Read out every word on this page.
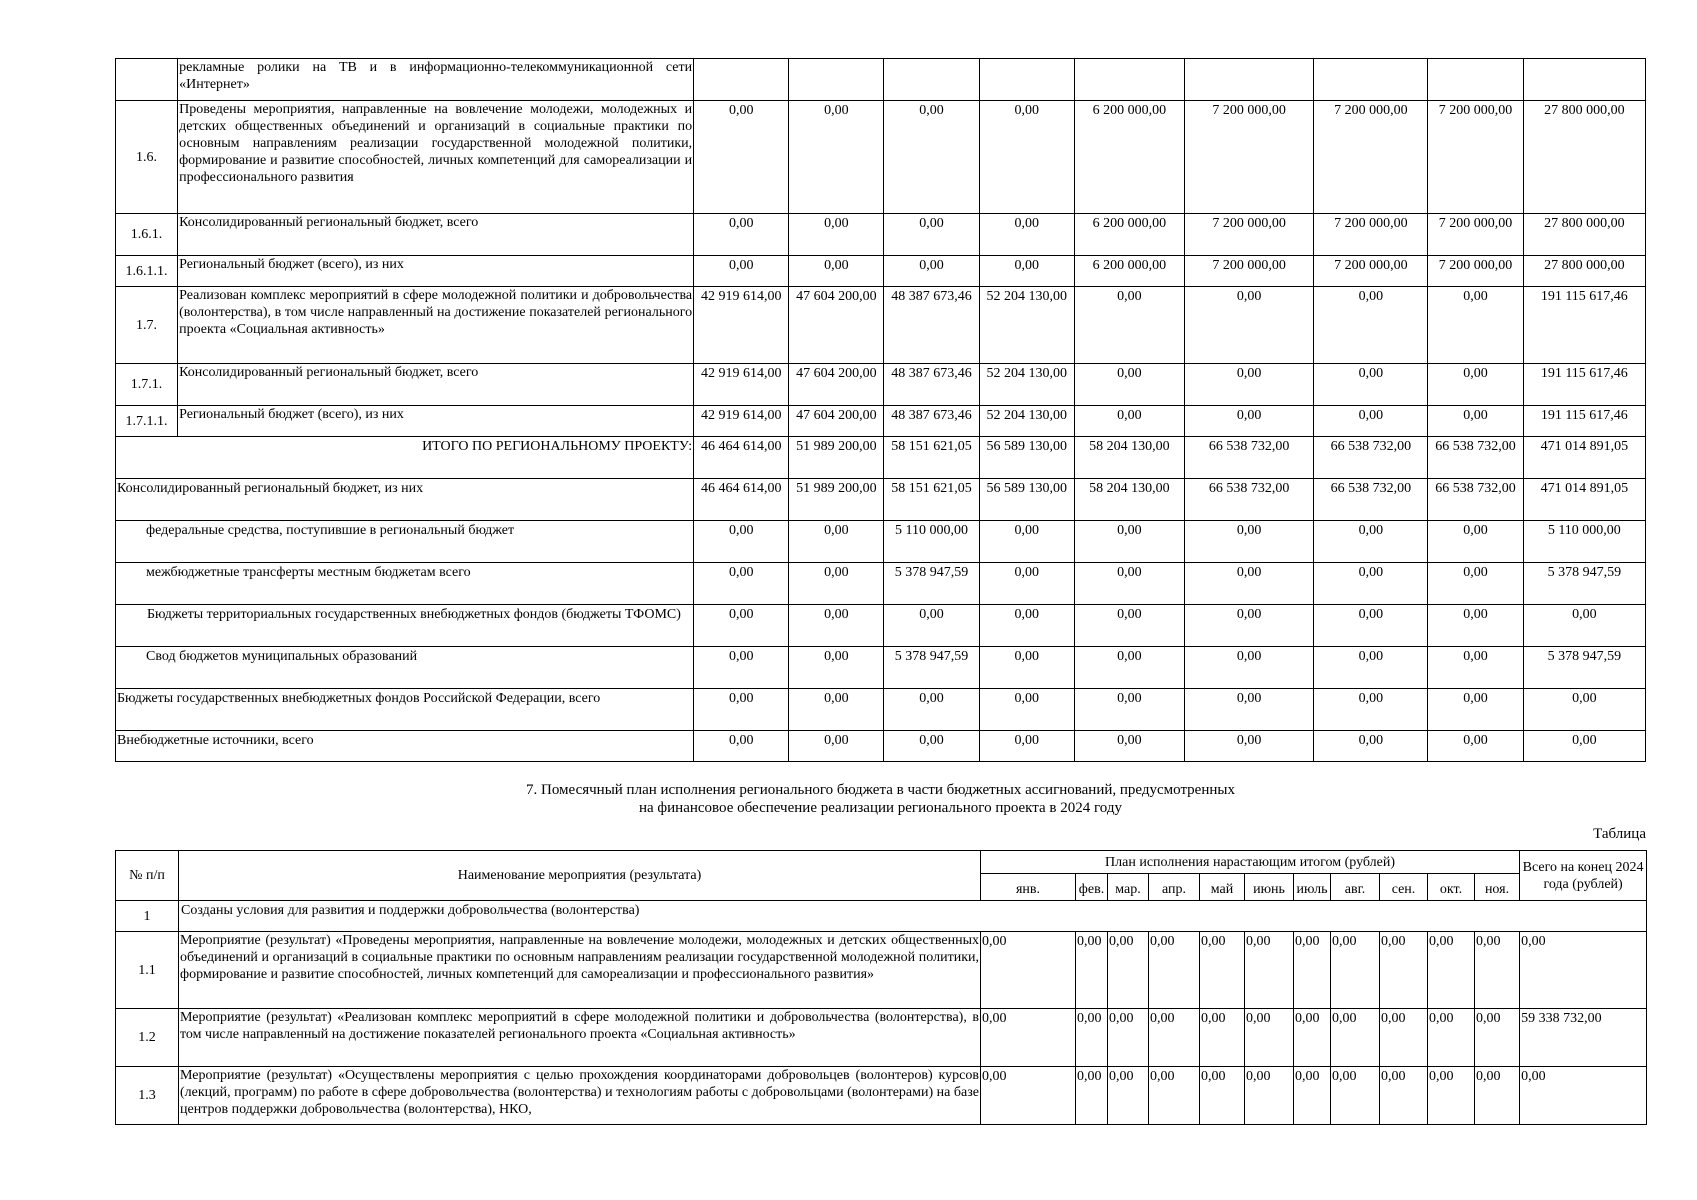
	рекламные ролики на ТВ и в информационно-телекоммуникационной сети «Интернет»									
1.6.	Проведены мероприятия, направленные на вовлечение молодежи, молодежных и детских общественных объединений и организаций в социальные практики по основным направлениям реализации государственной молодежной политики, формирование и развитие способностей, личных компетенций для самореализации и профессионального развития	0,00	0,00	0,00	0,00	6 200 000,00	7 200 000,00	7 200 000,00	7 200 000,00	27 800 000,00
1.6.1.	Консолидированный региональный бюджет, всего	0,00	0,00	0,00	0,00	6 200 000,00	7 200 000,00	7 200 000,00	7 200 000,00	27 800 000,00
1.6.1.1.	Региональный бюджет (всего), из них	0,00	0,00	0,00	0,00	6 200 000,00	7 200 000,00	7 200 000,00	7 200 000,00	27 800 000,00
1.7.	Реализован комплекс мероприятий в сфере молодежной политики и добровольчества (волонтерства), в том числе направленный на достижение показателей регионального проекта «Социальная активность»	42 919 614,00	47 604 200,00	48 387 673,46	52 204 130,00	0,00	0,00	0,00	0,00	191 115 617,46
1.7.1.	Консолидированный региональный бюджет, всего	42 919 614,00	47 604 200,00	48 387 673,46	52 204 130,00	0,00	0,00	0,00	0,00	191 115 617,46
1.7.1.1.	Региональный бюджет (всего), из них	42 919 614,00	47 604 200,00	48 387 673,46	52 204 130,00	0,00	0,00	0,00	0,00	191 115 617,46
ИТОГО ПО РЕГИОНАЛЬНОМУ ПРОЕКТУ:		46 464 614,00	51 989 200,00	58 151 621,05	56 589 130,00	58 204 130,00	66 538 732,00	66 538 732,00	66 538 732,00	471 014 891,05
Консолидированный региональный бюджет, из них		46 464 614,00	51 989 200,00	58 151 621,05	56 589 130,00	58 204 130,00	66 538 732,00	66 538 732,00	66 538 732,00	471 014 891,05
федеральные средства, поступившие в региональный бюджет		0,00	0,00	5 110 000,00	0,00	0,00	0,00	0,00	0,00	5 110 000,00
межбюджетные трансферты местным бюджетам всего		0,00	0,00	5 378 947,59	0,00	0,00	0,00	0,00	0,00	5 378 947,59
Бюджеты территориальных государственных внебюджетных фондов (бюджеты ТФОМС)		0,00	0,00	0,00	0,00	0,00	0,00	0,00	0,00	0,00
Свод бюджетов муниципальных образований		0,00	0,00	5 378 947,59	0,00	0,00	0,00	0,00	0,00	5 378 947,59
Бюджеты государственных внебюджетных фондов Российской Федерации, всего		0,00	0,00	0,00	0,00	0,00	0,00	0,00	0,00	0,00
Внебюджетные источники, всего		0,00	0,00	0,00	0,00	0,00	0,00	0,00	0,00	0,00
7. Помесячный план исполнения регионального бюджета в части бюджетных ассигнований, предусмотренных
на финансовое обеспечение реализации регионального проекта в 2024 году
Таблица
№ п/п	Наименование мероприятия (результата)	План исполнения нарастающим итогом (рублей)											Всего на конец 2024 года (рублей)
		янв.	фев.	мар.	апр.	май	июнь	июль	авг.	сен.	окт.	ноя.	
1	Созданы условия для развития и поддержки добровольчества (волонтерства)												
1.1	Мероприятие (результат) «Проведены мероприятия, направленные на вовлечение молодежи, молодежных и детских общественных объединений и организаций в социальные практики по основным направлениям реализации государственной молодежной политики, формирование и развитие способностей, личных компетенций для самореализации и профессионального развития»	0,00	0,00	0,00	0,00	0,00	0,00	0,00	0,00	0,00	0,00	0,00	0,00
1.2	Мероприятие (результат) «Реализован комплекс мероприятий в сфере молодежной политики и добровольчества (волонтерства), в том числе направленный на достижение показателей регионального проекта «Социальная активность»	0,00	0,00	0,00	0,00	0,00	0,00	0,00	0,00	0,00	0,00	0,00	59 338 732,00
1.3	Мероприятие (результат) «Осуществлены мероприятия с целью прохождения координаторами добровольцев (волонтеров) курсов (лекций, программ) по работе в сфере добровольчества (волонтерства) и технологиям работы с добровольцами (волонтерами) на базе центров поддержки добровольчества (волонтерства), НКО,	0,00	0,00	0,00	0,00	0,00	0,00	0,00	0,00	0,00	0,00	0,00	0,00
